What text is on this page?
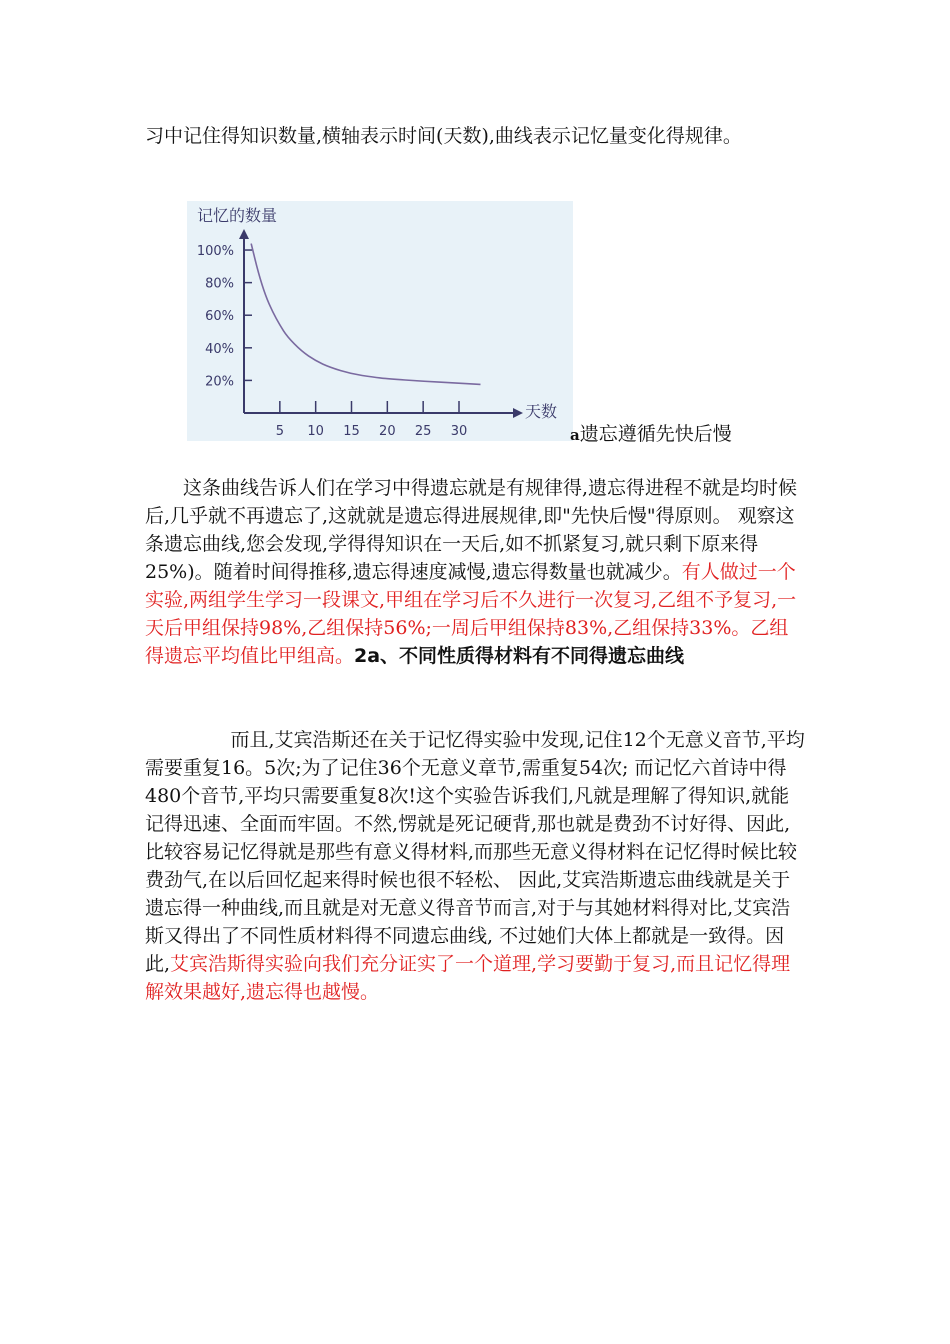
习中记住得知识数量,横轴表示时间(天数),曲线表示记忆量变化得规律。
100%
80%
60%
40%
20%
5 10 15 20 25 30
记忆的数量
天数
a遗忘遵循先快后慢
这条曲线告诉人们在学习中得遗忘就是有规律得,遗忘得进程不就是均时候后,几乎就不再遗忘了,这就就是遗忘得进展规律,即"先快后慢"得原则。 观察这条遗忘曲线,您会发现,学得得知识在一天后,如不抓紧复习,就只剩下原来得25%)。随着时间得推移,遗忘得速度减慢,遗忘得数量也就减少。有人做过一个实验,两组学生学习一段课文,甲组在学习后不久进行一次复习,乙组不予复习,一天后甲组保持98%,乙组保持56%;一周后甲组保持83%,乙组保持33%。乙组得遗忘平均值比甲组高。2a、不同性质得材料有不同得遗忘曲线
而且,艾宾浩斯还在关于记忆得实验中发现,记住12个无意义音节,平均需要重复16。5次;为了记住36个无意义章节,需重复54次; 而记忆六首诗中得480个音节,平均只需要重复8次!这个实验告诉我们,凡就是理解了得知识,就能记得迅速、全面而牢固。不然,愣就是死记硬背,那也就是费劲不讨好得、因此,比较容易记忆得就是那些有意义得材料,而那些无意义得材料在记忆得时候比较费劲气,在以后回忆起来得时候也很不轻松、 因此,艾宾浩斯遗忘曲线就是关于遗忘得一种曲线,而且就是对无意义得音节而言,对于与其她材料得对比,艾宾浩斯又得出了不同性质材料得不同遗忘曲线, 不过她们大体上都就是一致得。因此,艾宾浩斯得实验向我们充分证实了一个道理,学习要勤于复习,而且记忆得理解效果越好,遗忘得也越慢。
